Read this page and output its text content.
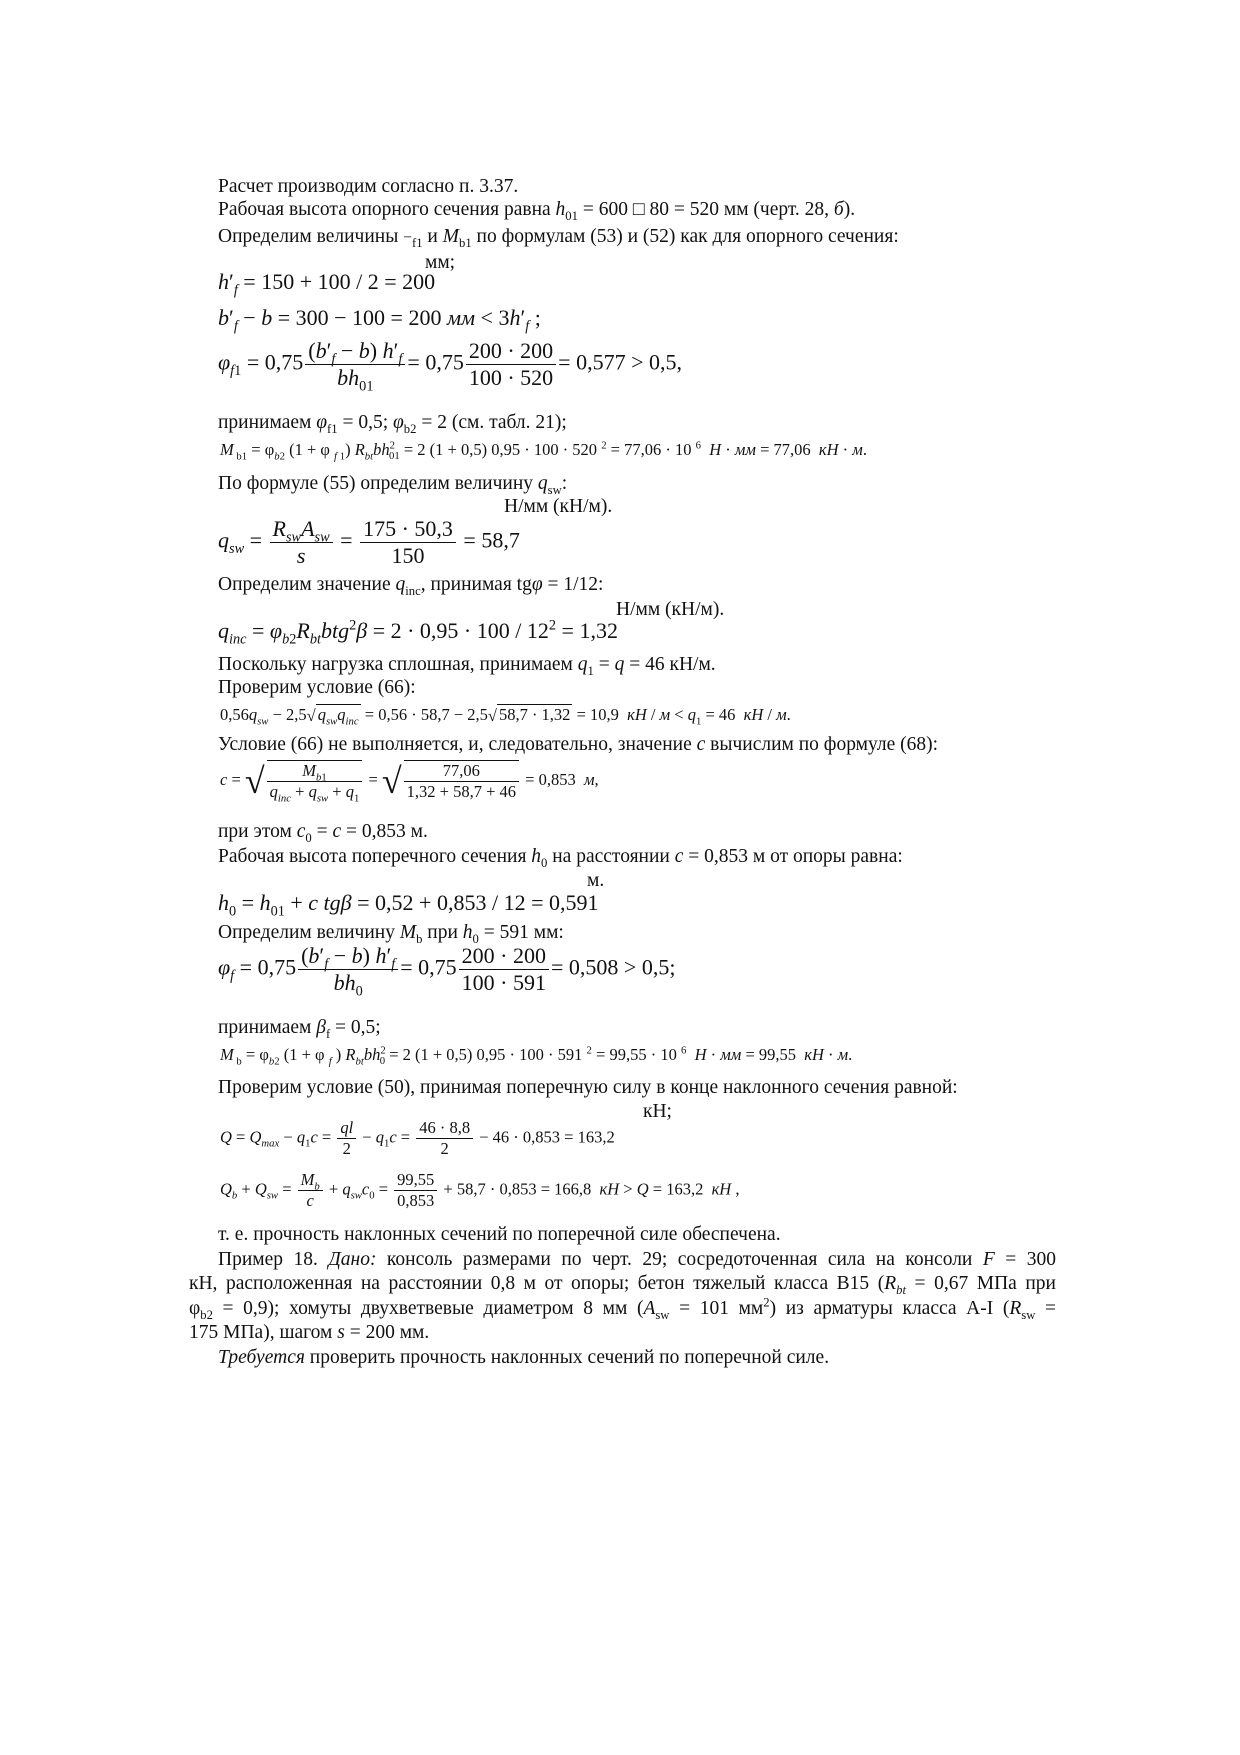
Расчет производим согласно п. 3.37.
Рабочая высота опорного сечения равна $h_{01} = 600$ □ 80 = 520 мм (черт. 28, б).
Определим величины $-_{f1}$ и $M_{b1}$ по формулам (53) и (52) как для опорного сечения:
мм;
$h'_f = 150 + 100 / 2 = 200$
$b'_f - b = 300 - 100 = 200$ мм < $3h'_f$ ;
$\varphi_{f1} = 0,75 \frac{(b'_f - b) h'_f}{bh_{01}} = 0,75 \frac{200 \cdot 200}{100 \cdot 520} = 0,577 > 0,5$,
принимаем $\varphi_{f1} = 0,5$; $\varphi_{b2} = 2$ (см. табл. 21);
M $_{b1} = \varphi_{b2}$ (1 + φ $_{f 1}$) $R_{bt}bh^2_{01} = 2$ (1 + 0,5) 0,95 · 100 · 520 $^2$ = 77,06 · 10 $^6$ Н · мм = 77,06  кН · м.
По формуле (55) определим величину $q_{sw}$:
Н/мм (кН/м).
$q_{sw} = \frac{R_{sw}A_{sw}}{s} = \frac{175 \cdot 50,3}{150} = 58,7$
Определим значение $q_{inc}$, принимая tgφ = 1/12:
Н/мм (кН/м).
$q_{inc} = \varphi_{b2}R_{bt}btg^2\beta = 2 \cdot 0,95 \cdot 100 / 12^2 = 1,32$
Поскольку нагрузка сплошная, принимаем $q_1 = q = 46$ кН/м.
Проверим условие (66):
$0,56q_{sw} - 2,5√$ $q_{sw}q_{inc} = 0,56 \cdot 58,7 - 2,5√$ 58,7 · 1,32 = 10,9  кН / $м < q_1 = 46$  кН / м.
Условие (66) не выполняется, и, следовательно, значение c вычислим по формуле (68):
c = √ $\frac{M_{b1}}{q_{inc} + q_{sw} + q_1}$ = √ $\frac{77,06}{1,32 + 58,7 + 46} = 0,853$  м,
при этом $c_0 = c = 0,853$ м.
Рабочая высота поперечного сечения $h_0$ на расстоянии c = 0,853 м от опоры равна:
м.
$h_0 = h_{01} + c$ tgβ = 0,52 + 0,853 / 12 = 0,591
Определим величину $M_b$ при $h_0 = 591$ мм:
$\varphi_f = 0,75 \frac{(b'_f - b) h'_f}{bh_0} = 0,75 \frac{200 \cdot 200}{100 \cdot 591} = 0,508 > 0,5$;
принимаем $\beta_f = 0,5$;
M $_b = \varphi_{b2}$ (1 + φ $_f$ ) $R_{bt}bh^2_0 = 2$ (1 + 0,5) 0,95 · 100 · 591 $^2$ = 99,55 · 10 $^6$ Н · мм = 99,55  кН · м.
Проверим условие (50), принимая поперечную силу в конце наклонного сечения равной:
кН;
$Q = Q_{max} - q_1c = \frac{ql}{2} - q_1c = \frac{46 \cdot 8,8}{2} - 46 \cdot 0,853 = 163,2$
$Q_b + Q_{sw} = \frac{M_b}{c} + q_{sw}c_0 = \frac{99,55}{0,853} + 58,7 \cdot 0,853 = 166,8$  кН > Q = 163,2  кН ,
т. е. прочность наклонных сечений по поперечной силе обеспечена.
Пример 18. Дано: консоль размерами по черт. 29; сосредоточенная сила на консоли F = 300
кН, расположенная на расстоянии 0,8 м от опоры; бетон тяжелый класса В15 ($R_{bt} = 0,67$ МПа при
$\varphi_{b2} = 0,9$); хомуты двухветвевые диаметром 8 мм ($A_{sw} = 101$ $мм^2$) из арматуры класса A-I ($R_{sw}$ =
175 МПа), шагом s = 200 мм.
Требуется проверить прочность наклонных сечений по поперечной силе.
